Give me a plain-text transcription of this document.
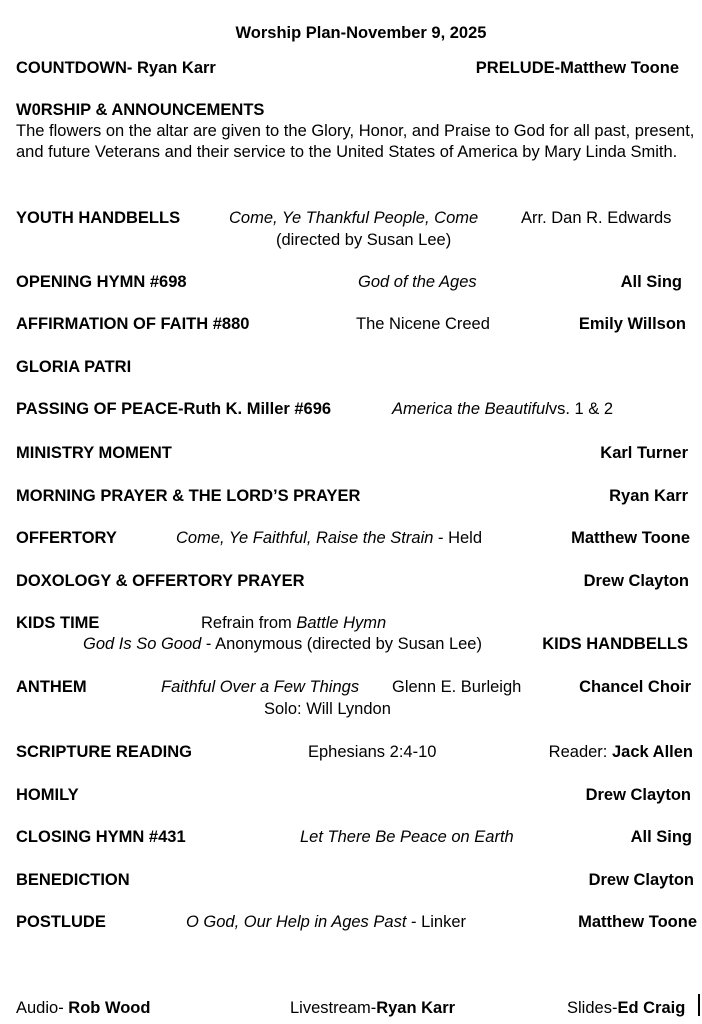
Worship Plan-November 9, 2025
COUNTDOWN- Ryan Karr	PRELUDE-Matthew Toone
W0RSHIP & ANNOUNCEMENTS
The flowers on the altar are given to the Glory, Honor, and Praise to God for all past, present, and future Veterans and their service to the United States of America by Mary Linda Smith.
YOUTH HANDBELLS	Come, Ye Thankful People, Come	Arr. Dan R. Edwards
(directed by Susan Lee)
OPENING HYMN #698	God of the Ages	All Sing
AFFIRMATION OF FAITH #880	The Nicene Creed	Emily Willson
GLORIA PATRI
PASSING OF PEACE-Ruth K. Miller #696	America the Beautifulvs. 1 & 2
MINISTRY MOMENT	Karl Turner
MORNING PRAYER & THE LORD’S PRAYER	Ryan Karr
OFFERTORY	Come, Ye Faithful, Raise the Strain - Held	Matthew Toone
DOXOLOGY & OFFERTORY PRAYER	Drew Clayton
KIDS TIME	Refrain from Battle Hymn
God Is So Good - Anonymous (directed by Susan Lee)	KIDS HANDBELLS
ANTHEM	Faithful Over a Few Things Glenn E. Burleigh	Chancel Choir
Solo: Will Lyndon
SCRIPTURE READING	Ephesians 2:4-10	Reader: Jack Allen
HOMILY	Drew Clayton
CLOSING HYMN #431	Let There Be Peace on Earth	All Sing
BENEDICTION	Drew Clayton
POSTLUDE	O God, Our Help in Ages Past - Linker	Matthew Toone
Audio- Rob Wood	Livestream-Ryan Karr	Slides-Ed Craig
